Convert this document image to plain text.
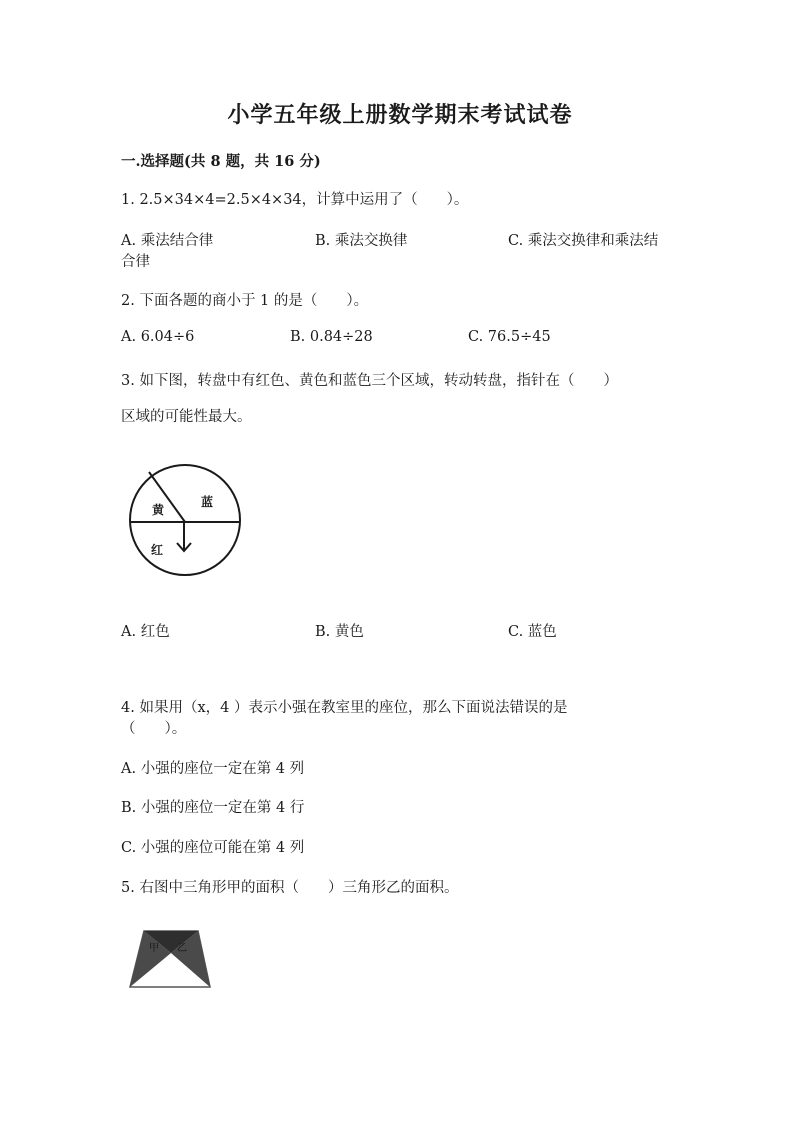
小学五年级上册数学期末考试试卷
一.选择题(共 8 题，共 16 分)
1. 2.5×34×4=2.5×4×34，计算中运用了（　　）。
A. 乘法结合律	B. 乘法交换律	C. 乘法交换律和乘法结
合律
2. 下面各题的商小于 1 的是（　　）。
A. 6.04÷6	B. 0.84÷28	C. 76.5÷45
3. 如下图，转盘中有红色、黄色和蓝色三个区域，转动转盘，指针在（　　）
区域的可能性最大。
黄
蓝
红
A. 红色	B. 黄色	C. 蓝色
4. 如果用（x，4 ）表示小强在教室里的座位，那么下面说法错误的是
（　　）。
A. 小强的座位一定在第 4 列
B. 小强的座位一定在第 4 行
C. 小强的座位可能在第 4 列
5. 右图中三角形甲的面积（　　）三角形乙的面积。
甲 乙
